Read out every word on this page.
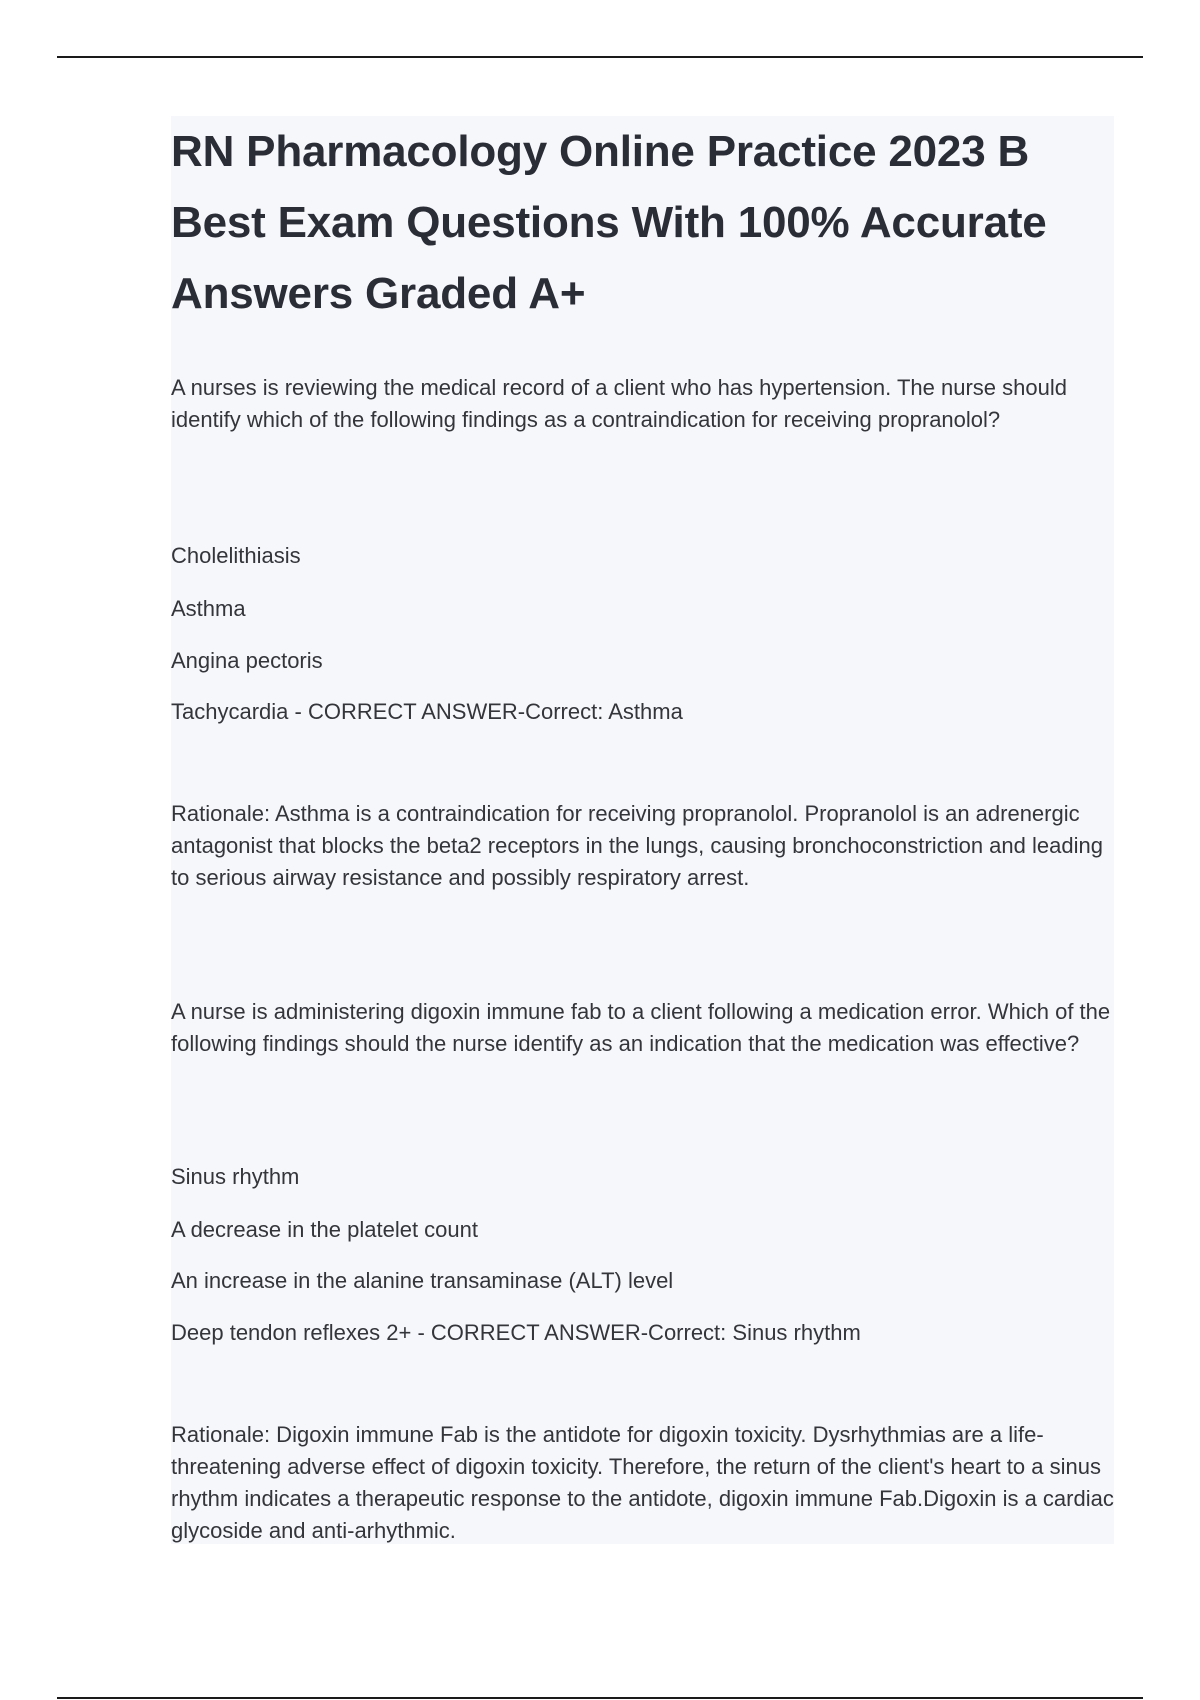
RN Pharmacology Online Practice 2023 B Best Exam Questions With 100% Accurate Answers Graded A+

A nurses is reviewing the medical record of a client who has hypertension. The nurse should identify which of the following findings as a contraindication for receiving propranolol?

Cholelithiasis

Asthma

Angina pectoris

Tachycardia - CORRECT ANSWER-Correct: Asthma

Rationale: Asthma is a contraindication for receiving propranolol. Propranolol is an adrenergic antagonist that blocks the beta2 receptors in the lungs, causing bronchoconstriction and leading to serious airway resistance and possibly respiratory arrest.

A nurse is administering digoxin immune fab to a client following a medication error. Which of the following findings should the nurse identify as an indication that the medication was effective?

Sinus rhythm

A decrease in the platelet count

An increase in the alanine transaminase (ALT) level

Deep tendon reflexes 2+ - CORRECT ANSWER-Correct: Sinus rhythm

Rationale: Digoxin immune Fab is the antidote for digoxin toxicity. Dysrhythmias are a life-threatening adverse effect of digoxin toxicity. Therefore, the return of the client's heart to a sinus rhythm indicates a therapeutic response to the antidote, digoxin immune Fab.Digoxin is a cardiac glycoside and anti-arhythmic.
